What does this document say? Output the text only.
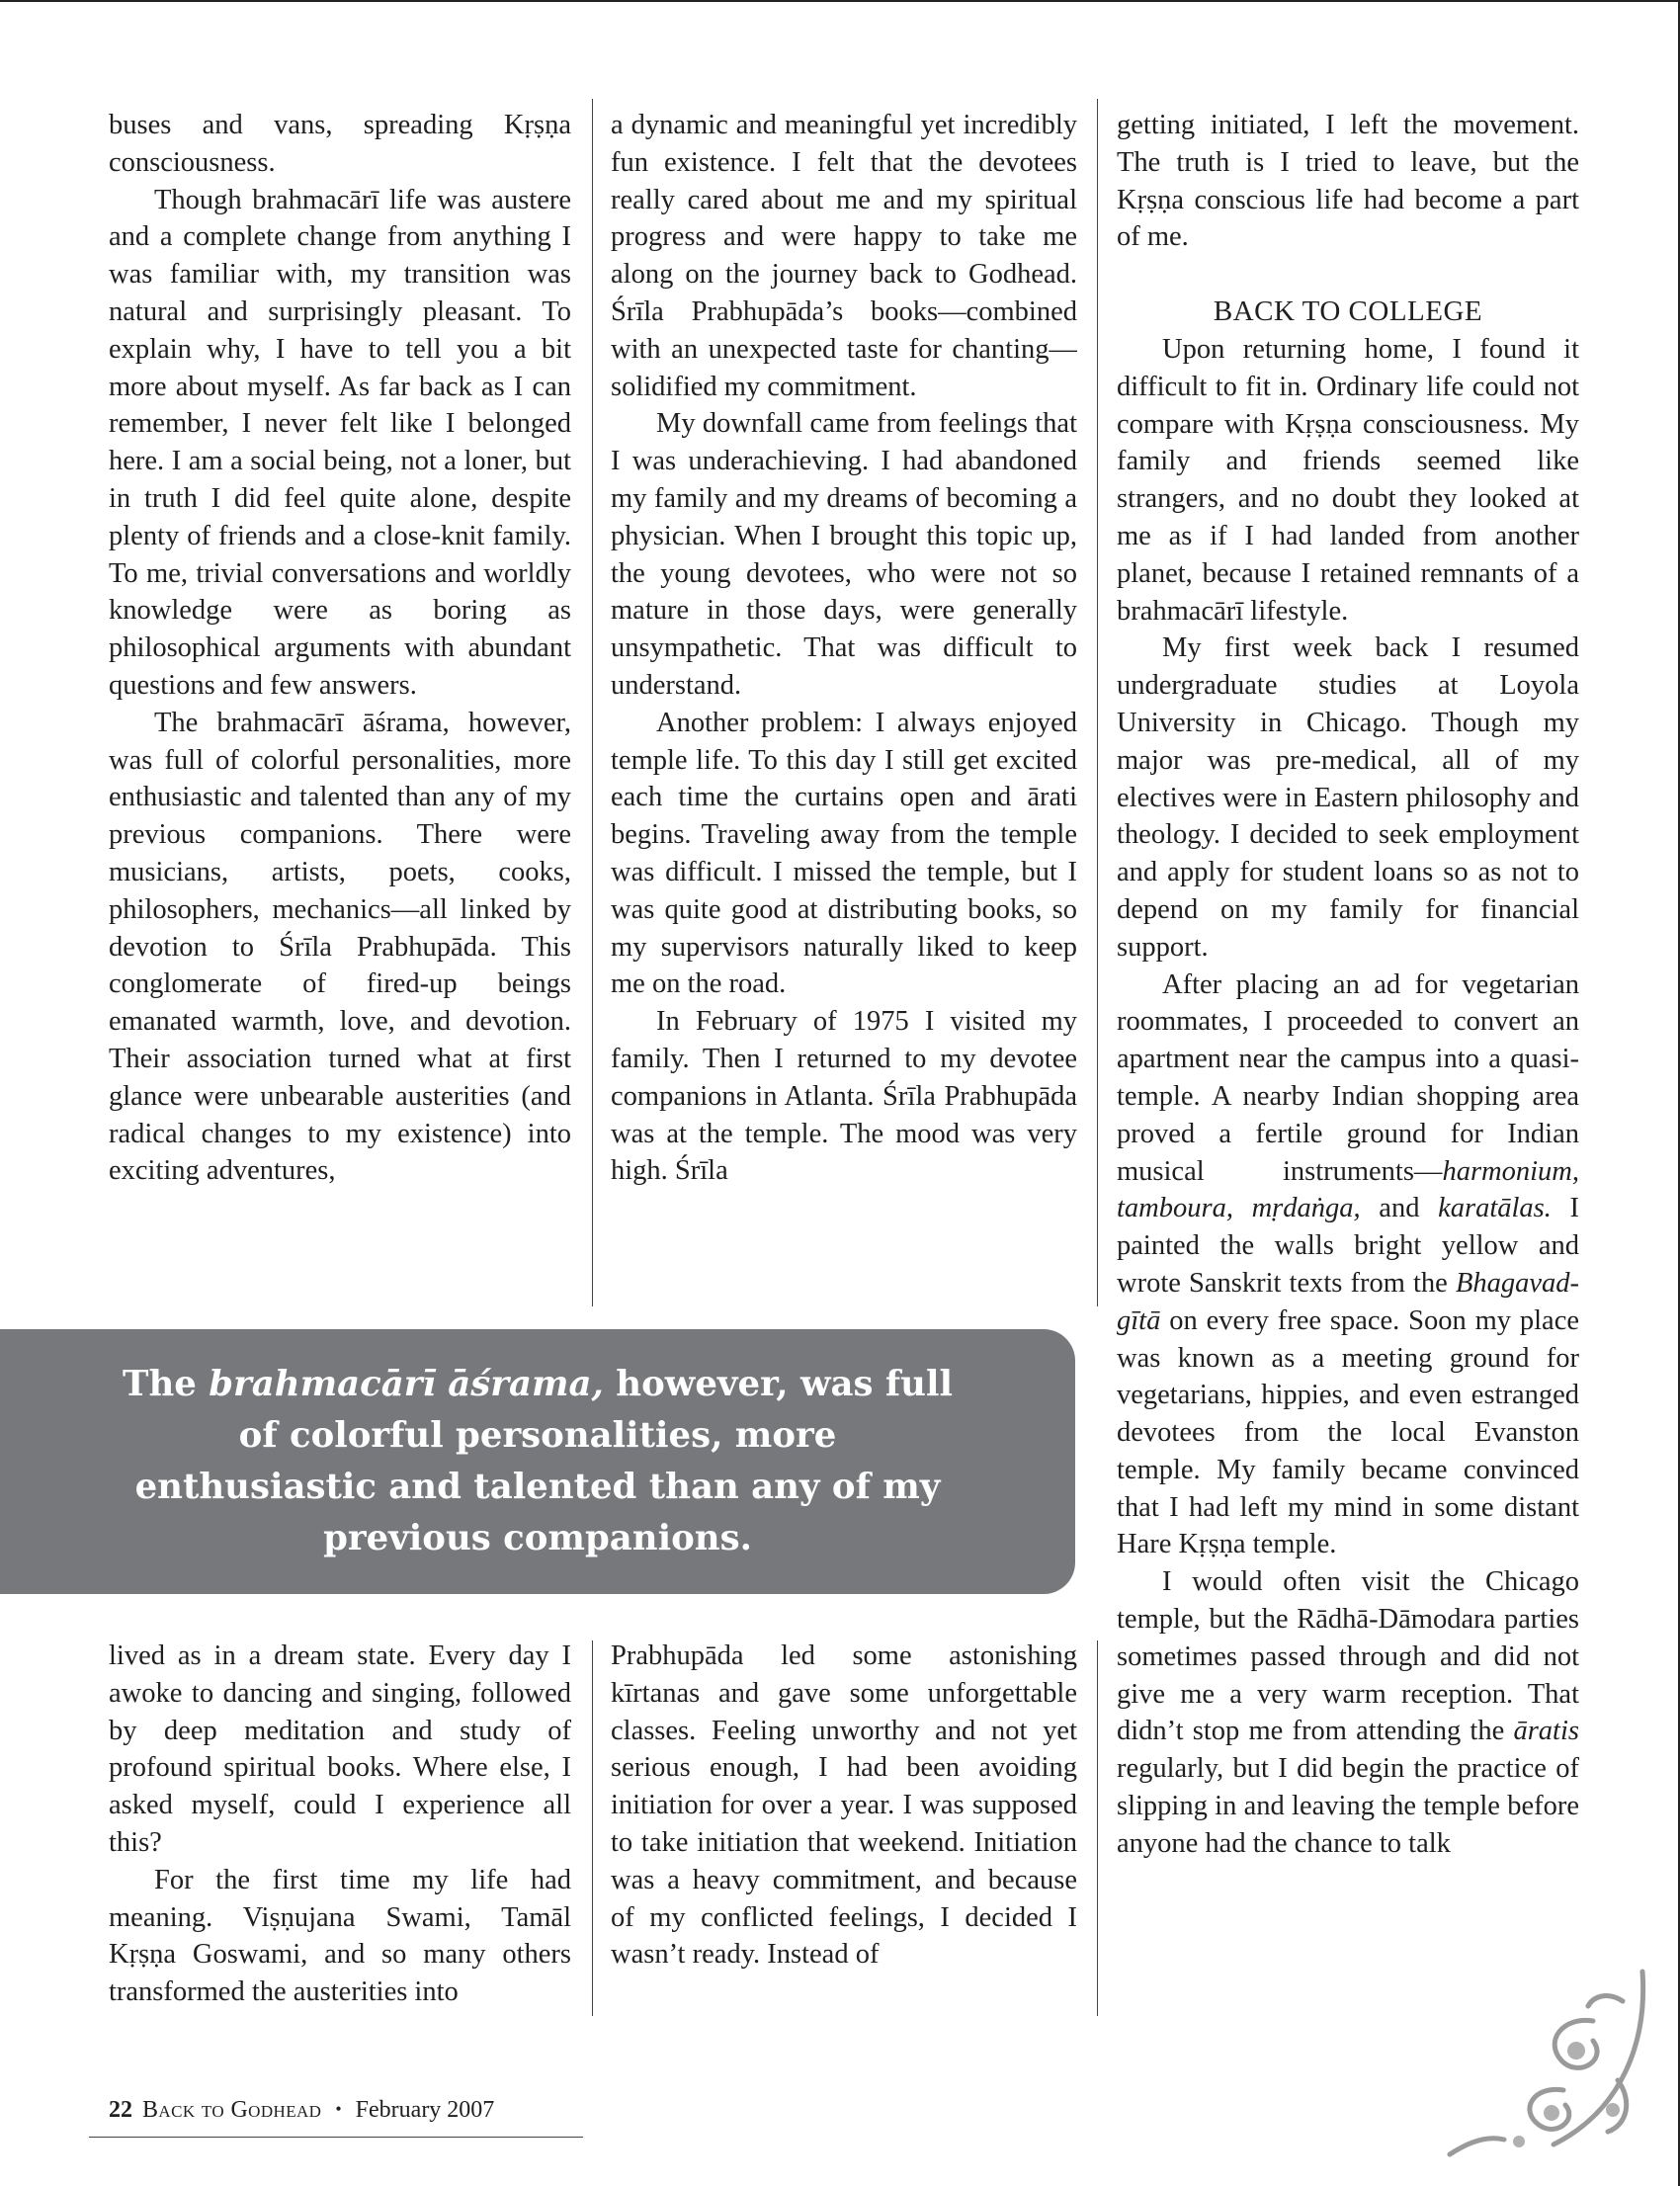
buses and vans, spreading Kṛṣṇa consciousness.

Though brahmacārī life was austere and a complete change from anything I was familiar with, my transition was natural and surprisingly pleasant. To explain why, I have to tell you a bit more about myself. As far back as I can remember, I never felt like I belonged here. I am a social being, not a loner, but in truth I did feel quite alone, despite plenty of friends and a close-knit family. To me, trivial conversations and worldly knowledge were as boring as philosophical arguments with abundant questions and few answers.

The brahmacārī āśrama, however, was full of colorful personalities, more enthusiastic and talented than any of my previous companions. There were musicians, artists, poets, cooks, philosophers, mechanics—all linked by devotion to Śrīla Prabhupāda. This conglomerate of fired-up beings emanated warmth, love, and devotion. Their association turned what at first glance were unbearable austerities (and radical changes to my existence) into exciting adventures,

a dynamic and meaningful yet incredibly fun existence. I felt that the devotees really cared about me and my spiritual progress and were happy to take me along on the journey back to Godhead. Śrīla Prabhupāda’s books—combined with an unexpected taste for chanting—solidified my commitment.

My downfall came from feelings that I was underachieving. I had abandoned my family and my dreams of becoming a physician. When I brought this topic up, the young devotees, who were not so mature in those days, were generally unsympathetic. That was difficult to understand.

Another problem: I always enjoyed temple life. To this day I still get excited each time the curtains open and ārati begins. Traveling away from the temple was difficult. I missed the temple, but I was quite good at distributing books, so my supervisors naturally liked to keep me on the road.

In February of 1975 I visited my family. Then I returned to my devotee companions in Atlanta. Śrīla Prabhupāda was at the temple. The mood was very high. Śrīla

getting initiated, I left the movement. The truth is I tried to leave, but the Kṛṣṇa conscious life had become a part of me.

BACK TO COLLEGE

Upon returning home, I found it difficult to fit in. Ordinary life could not compare with Kṛṣṇa consciousness. My family and friends seemed like strangers, and no doubt they looked at me as if I had landed from another planet, because I retained remnants of a brahmacārī lifestyle.

My first week back I resumed undergraduate studies at Loyola University in Chicago. Though my major was pre-medical, all of my electives were in Eastern philosophy and theology. I decided to seek employment and apply for student loans so as not to depend on my family for financial support.

After placing an ad for vegetarian roommates, I proceeded to convert an apartment near the campus into a quasi-temple. A nearby Indian shopping area proved a fertile ground for Indian musical instruments—harmonium, tamboura, mṛdaṅga, and karatālas. I painted the walls bright yellow and wrote Sanskrit texts from the Bhagavad-gītā on every free space. Soon my place was known as a meeting ground for vegetarians, hippies, and even estranged devotees from the local Evanston temple. My family became convinced that I had left my mind in some distant Hare Kṛṣṇa temple.

I would often visit the Chicago temple, but the Rādhā-Dāmodara parties sometimes passed through and did not give me a very warm reception. That didn’t stop me from attending the āratis regularly, but I did begin the practice of slipping in and leaving the temple before anyone had the chance to talk

The brahmacārī āśrama, however, was full of colorful personalities, more enthusiastic and talented than any of my previous companions.

lived as in a dream state. Every day I awoke to dancing and singing, followed by deep meditation and study of profound spiritual books. Where else, I asked myself, could I experience all this?

For the first time my life had meaning. Viṣṇujana Swami, Tamāl Kṛṣṇa Goswami, and so many others transformed the austerities into

Prabhupāda led some astonishing kīrtanas and gave some unforgettable classes. Feeling unworthy and not yet serious enough, I had been avoiding initiation for over a year. I was supposed to take initiation that weekend. Initiation was a heavy commitment, and because of my conflicted feelings, I decided I wasn’t ready. Instead of

22 Back to Godhead • February 2007
